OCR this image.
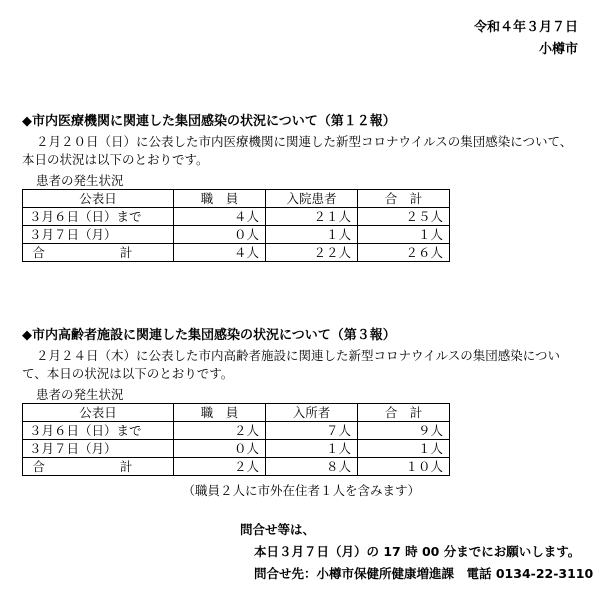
令和４年３月７日
小樽市
◆市内医療機関に関連した集団感染の状況について（第１２報）
２月２０日（日）に公表した市内医療機関に関連した新型コロナウイルスの集団感染について、
本日の状況は以下のとおりです。
患者の発生状況
公表日	職　員	入院患者	合　計
３月６日（日）まで	４人	２１人	２５人
３月７日（月）	０人	１人	１人
合　計	４人	２２人	２６人
◆市内高齢者施設に関連した集団感染の状況について（第３報）
２月２４日（木）に公表した市内高齢者施設に関連した新型コロナウイルスの集団感染につい
て、本日の状況は以下のとおりです。
患者の発生状況
公表日	職　員	入所者	合　計
３月６日（日）まで	２人	７人	９人
３月７日（月）	０人	１人	１人
合　計	２人	８人	１０人
（職員２人に市外在住者１人を含みます）
問合せ等は、
本日３月７日（月）の 17 時 00 分までにお願いします。
問合せ先：小樽市保健所健康増進課　電話 0134-22-3110
